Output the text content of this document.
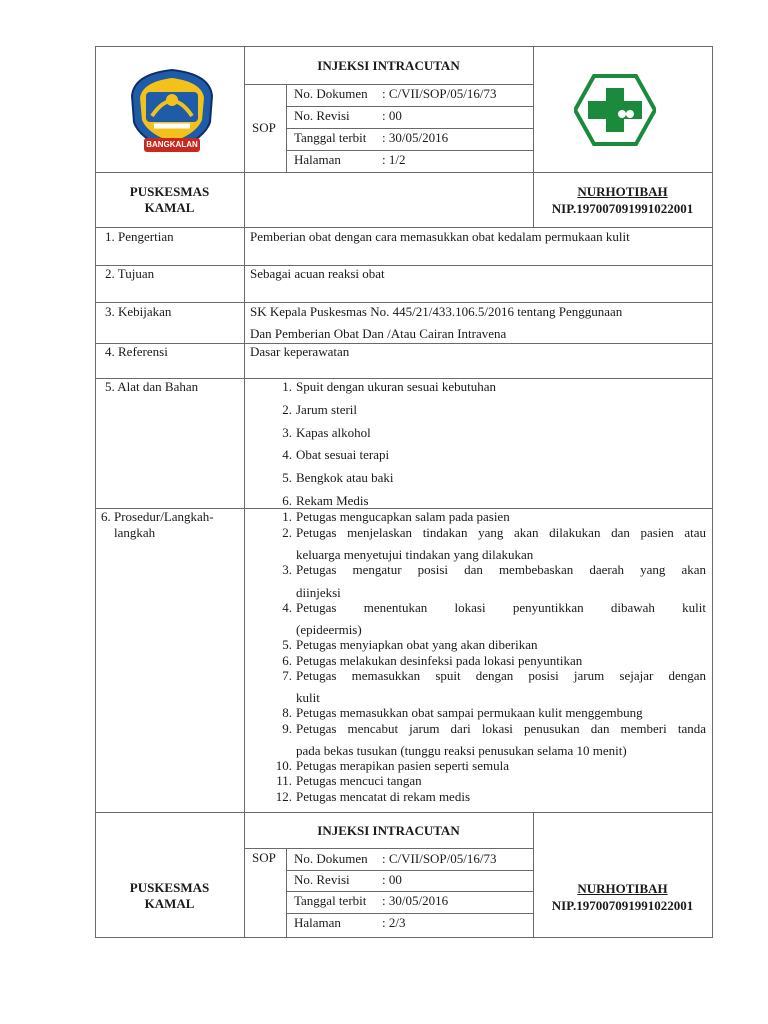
BANGKALAN
INJEKSI INTRACUTAN
SOP
No. Dokumen : C/VII/SOP/05/16/73
No. Revisi : 00
Tanggal terbit : 30/05/2016
Halaman	: 1/2
PUSKESMAS
KAMAL
NURHOTIBAH
NIP.197007091991022001
1. Pengertian	Pemberian obat dengan cara memasukkan obat kedalam permukaan kulit
2. Tujuan	Sebagai acuan reaksi obat
3. Kebijakan	SK Kepala Puskesmas No. 445/21/433.106.5/2016 tentang Penggunaan
Dan Pemberian Obat Dan /Atau Cairan Intravena
4. Referensi	Dasar keperawatan
5. Alat dan Bahan	1. Spuit dengan ukuran sesuai kebutuhan
2. Jarum steril
3. Kapas alkohol
4. Obat sesuai terapi
5. Bengkok atau baki
6. Rekam Medis
6. Prosedur/Langkah-
langkah
1. Petugas mengucapkan salam pada pasien
2. Petugas menjelaskan tindakan yang akan dilakukan dan pasien atau
keluarga menyetujui tindakan yang dilakukan
3. Petugas mengatur posisi dan membebaskan daerah yang akan
diinjeksi
4. Petugas menentukan lokasi penyuntikkan dibawah kulit
(epideermis)
5. Petugas menyiapkan obat yang akan diberikan
6. Petugas melakukan desinfeksi pada lokasi penyuntikan
7. Petugas memasukkan spuit dengan posisi jarum sejajar dengan
kulit
8. Petugas memasukkan obat sampai permukaan kulit menggembung
9. Petugas mencabut jarum dari lokasi penusukan dan memberi tanda
pada bekas tusukan (tunggu reaksi penusukan selama 10 menit)
10. Petugas merapikan pasien seperti semula
11. Petugas mencuci tangan
12. Petugas mencatat di rekam medis
INJEKSI INTRACUTAN
SOP No. Dokumen : C/VII/SOP/05/16/73
No. Revisi : 00
Tanggal terbit : 30/05/2016
Halaman	: 2/3
PUSKESMAS
KAMAL
NURHOTIBAH
NIP.197007091991022001
